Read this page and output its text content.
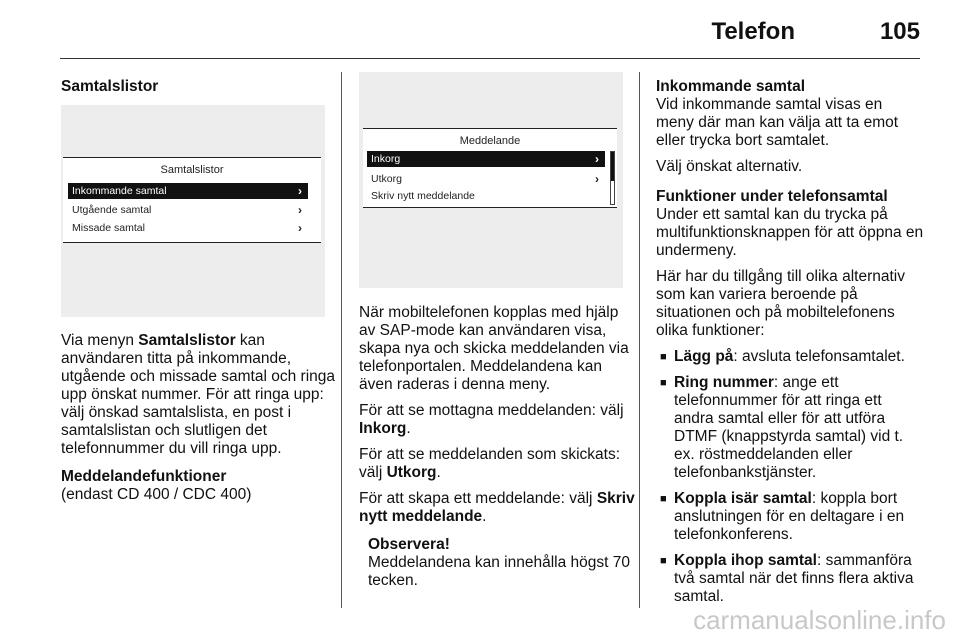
Telefon	105
Samtalslistor
Samtalslistor
Inkommande samtal	›
Utgående samtal	›
Missade samtal	›

Via menyn Samtalslistor kan användaren titta på inkommande, utgående och missade samtal och ringa upp önskat nummer. För att ringa upp: välj önskad samtalslista, en post i samtalslistan och slutligen det telefonnummer du vill ringa upp.

Meddelandefunktioner

(endast CD 400 / CDC 400)

Meddelande
Inkorg	›
Utkorg	›
Skriv nytt meddelande

När mobiltelefonen kopplas med hjälp av SAP-mode kan användaren visa, skapa nya och skicka meddelanden via telefonportalen. Meddelandena kan även raderas i denna meny.

För att se mottagna meddelanden: välj Inkorg.

För att se meddelanden som skickats: välj Utkorg.

För att skapa ett meddelande: välj Skriv nytt meddelande.

Observera!
Meddelandena kan innehålla högst 70 tecken.
Inkommande samtal

Vid inkommande samtal visas en meny där man kan välja att ta emot eller trycka bort samtalet.

Välj önskat alternativ.

Funktioner under telefonsamtal

Under ett samtal kan du trycka på multifunktionsknappen för att öppna en undermeny.

Här har du tillgång till olika alternativ som kan variera beroende på situationen och på mobiltelefonens olika funktioner:

■ Lägg på: avsluta telefonsamtalet.
■ Ring nummer: ange ett telefonnummer för att ringa ett andra samtal eller för att utföra DTMF (knappstyrda samtal) vid t. ex. röstmeddelanden eller telefonbankstjänster.
■ Koppla isär samtal: koppla bort anslutningen för en deltagare i en telefonkonferens.
■ Koppla ihop samtal: sammanföra två samtal när det finns flera aktiva samtal.
carmanualsonline.info
